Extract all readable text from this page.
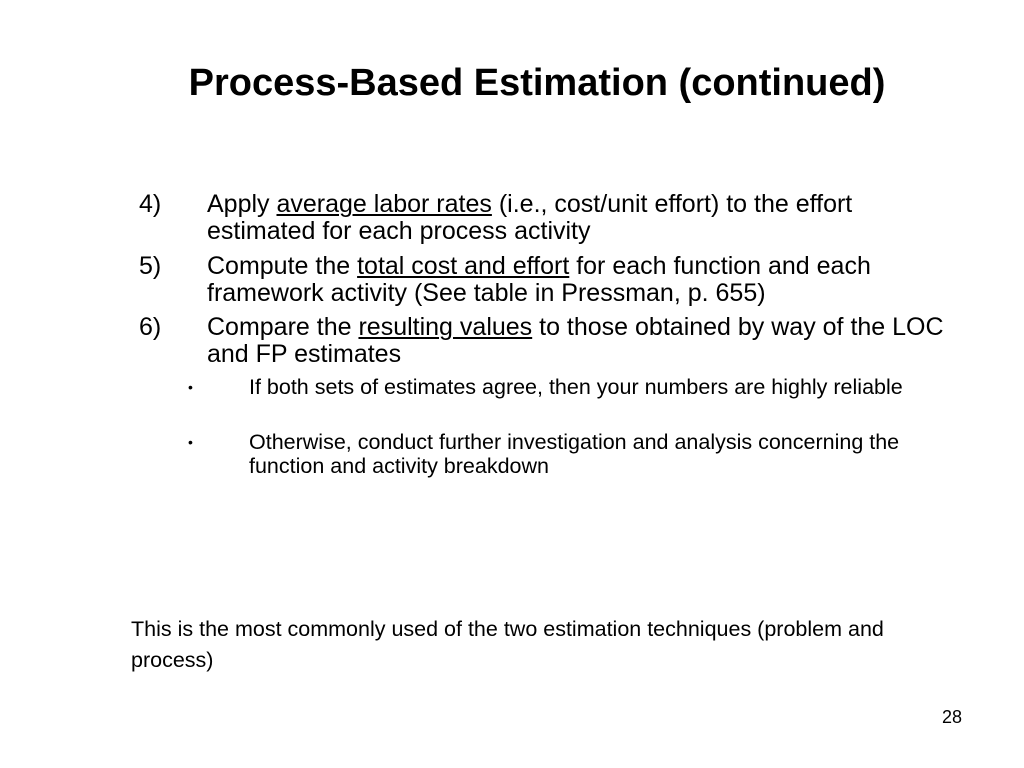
Process-Based Estimation (continued)
4) Apply average labor rates (i.e., cost/unit effort) to the effort estimated for each process activity
5) Compute the total cost and effort for each function and each framework activity (See table in Pressman, p. 655)
6) Compare the resulting values to those obtained by way of the LOC and FP estimates
•	If both sets of estimates agree, then your numbers are highly reliable
•	Otherwise, conduct further investigation and analysis concerning the function and activity breakdown
This is the most commonly used of the two estimation techniques (problem and process)
28
